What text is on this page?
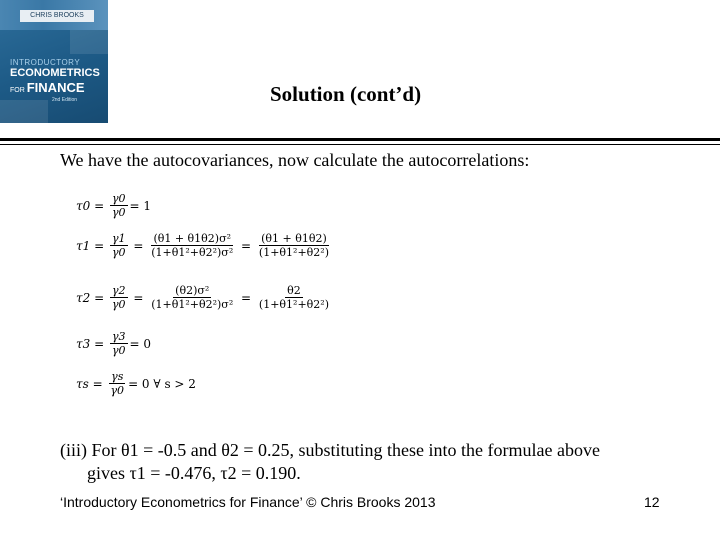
CHRIS BROOKS
INTRODUCTORY
ECONOMETRICS
FOR FINANCE
2nd Edition	Solution (cont’d)
We have the autocovariances, now calculate the autocorrelations:
$\tau 0 = \frac{\gamma 0}{\gamma 0} = 1$
$\tau 1 = \frac{\gamma 1}{\gamma 0} = \frac{\text{(θ1 + θ1θ2)σ²}}{\text{(1+θ1²+θ2²)σ²}} = \frac{(\theta 1 + \theta 1\theta 2)}{\text{(1+θ1²+θ2²)}}$
$\tau 2 = \frac{\gamma 2}{\gamma 0} = \frac{\text{(θ2)σ²}}{\text{(1+θ1²+θ2²)σ²}} = \frac{\theta 2}{\text{(1+θ1²+θ2²)}}$
$\tau 3 = \frac{\gamma 3}{\gamma 0} = 0$
$\tau s = \frac{\gamma s}{\gamma 0} = 0$ ∀ s > 2
(iii) For θ1 = -0.5 and θ2 = 0.25, substituting these into the formulae above
gives τ1 = -0.476, τ2 = 0.190.
‘Introductory Econometrics for Finance’ © Chris Brooks 2013	12
